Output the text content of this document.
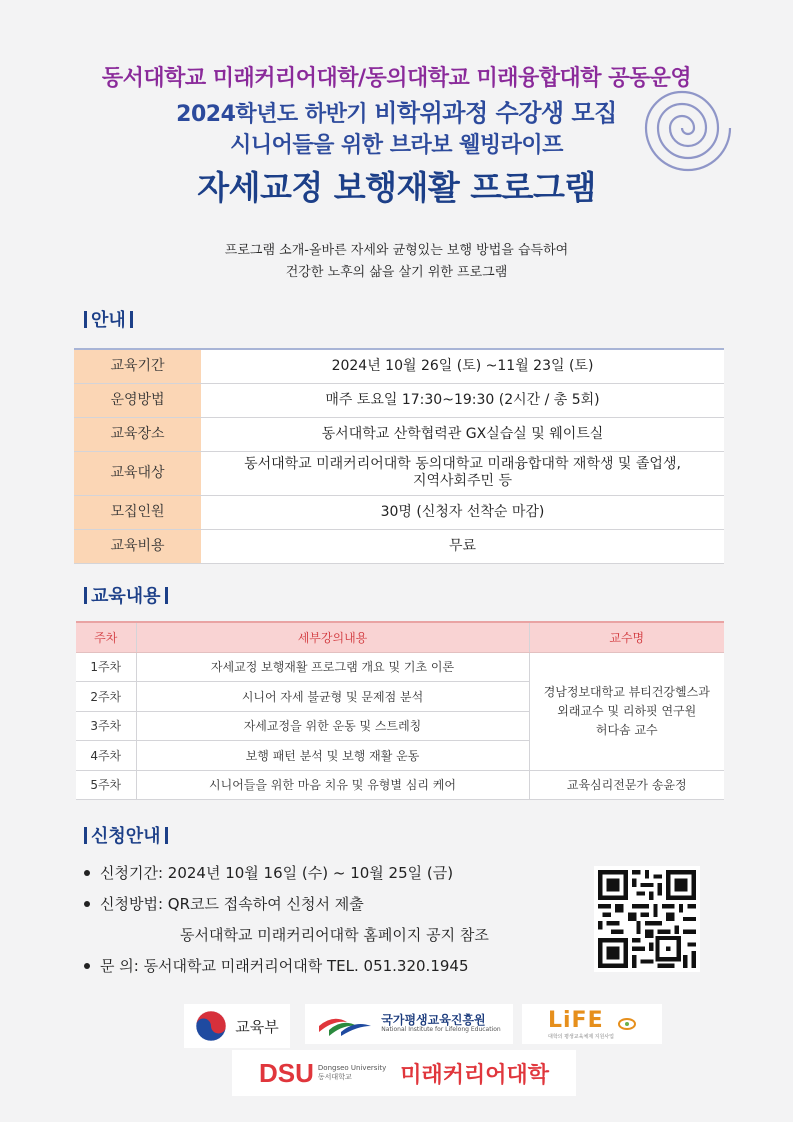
동서대학교 미래커리어대학/동의대학교 미래융합대학 공동운영
2024학년도 하반기 비학위과정 수강생 모집
시니어들을 위한 브라보 웰빙라이프
자세교정 보행재활 프로그램
프로그램 소개-올바른 자세와 균형있는 보행 방법을 습득하여
건강한 노후의 삶을 살기 위한 프로그램
안내
교육기간	2024년 10월 26일 (토) ~11월 23일 (토)
운영방법	매주 토요일 17:30~19:30 (2시간 / 총 5회)
교육장소	동서대학교 산학협력관 GX실습실 및 웨이트실
교육대상	동서대학교 미래커리어대학 동의대학교 미래융합대학 재학생 및 졸업생,
지역사회주민 등

모집인원	30명 (신청자 선착순 마감)
교육비용	무료
교육내용
주차	세부강의내용	교수명
1주차	자세교정 보행재활 프로그램 개요 및 기초 이론	경남정보대학교 뷰티건강헬스과
외래교수 및 리하핏 연구원
허다솜 교수

2주차	시니어 자세 불균형 및 문제점 분석	
3주차	자세교정을 위한 운동 및 스트레칭	
4주차	보행 패턴 분석 및 보행 재활 운동	
5주차	시니어들을 위한 마음 치유 및 유형별 심리 케어	교육심리전문가 송윤정
신청안내
신청기간: 2024년 10월 16일 (수) ~ 10월 25일 (금)
신청방법: QR코드 접속하여 신청서 제출
동서대학교 미래커리어대학 홈페이지 공지 참조
문 의: 동서대학교 미래커리어대학 TEL. 051.320.1945
교육부	국가평생교육진흥원
National Institute for Lifelong Education LiFE
대학의 평생교육체제 지원사업
DSU Dongseo University
동서대학교	미래커리어대학
